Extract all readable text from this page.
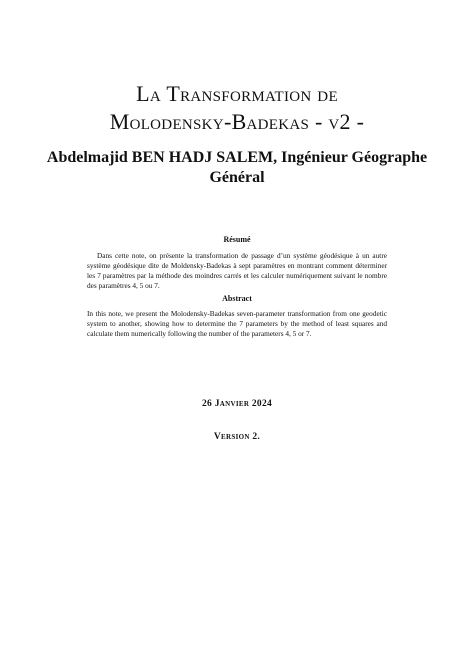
La Transformation de
Molodensky-Badekas - v2 -
Abdelmajid BEN HADJ SALEM, Ingénieur Géographe Général
Résumé
Dans cette note, on présente la transformation de passage d’un système géodésique à un autre système géodésique dite de Moldensky-Badekas à sept paramètres en montrant comment déterminer les 7 paramètres par la méthode des moindres carrés et les calculer numériquement suivant le nombre des paramètres 4, 5 ou 7.
Abstract
In this note, we present the Molodensky-Badekas seven-parameter transformation from one geodetic system to another, showing how to determine the 7 parameters by the method of least squares and calculate them numerically following the number of the parameters 4, 5 or 7.
26 Janvier 2024
Version 2.
